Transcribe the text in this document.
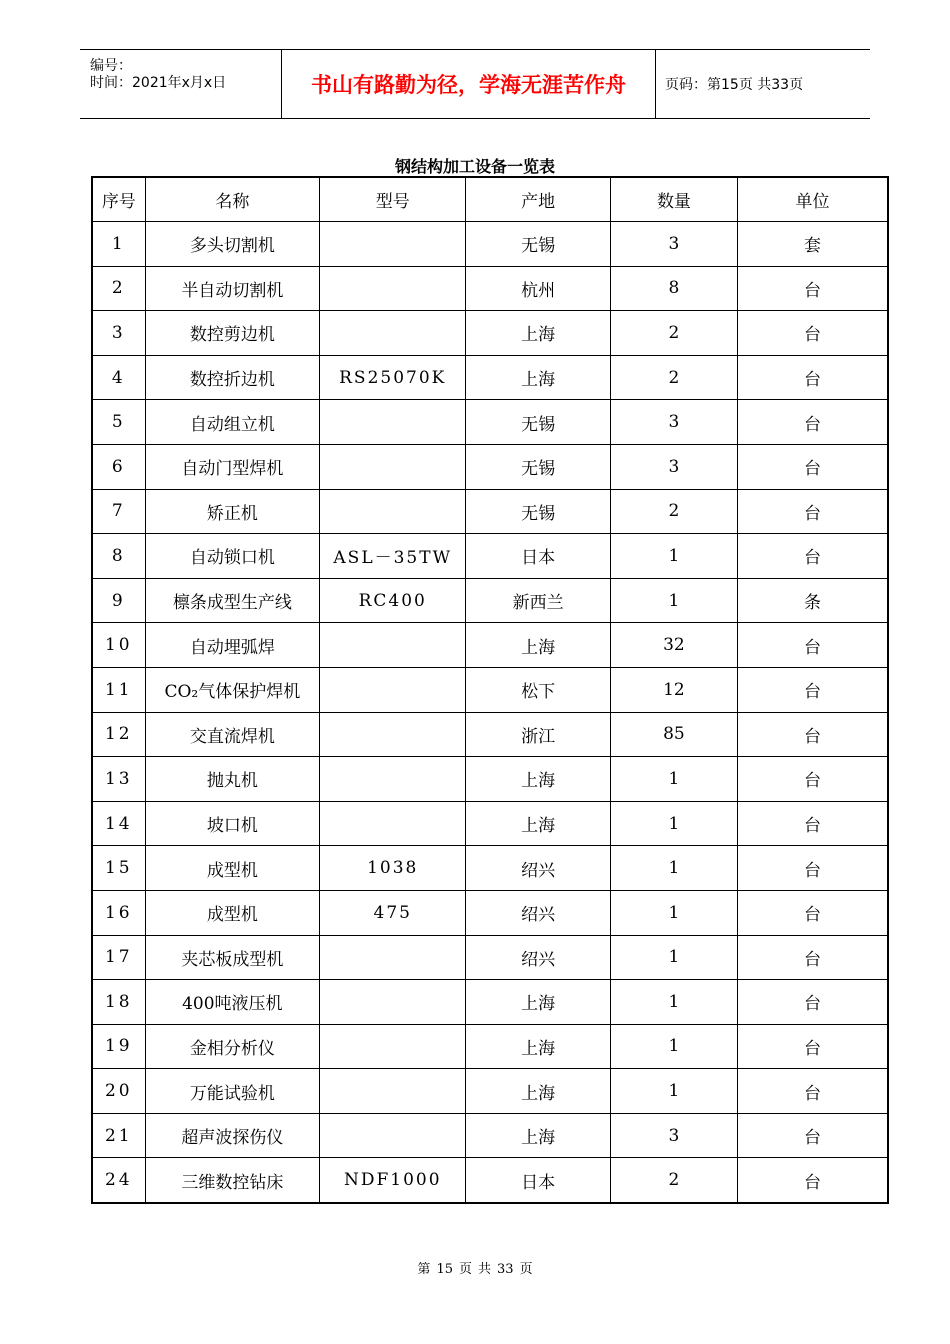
编号：
时间：2021年x月x日	书山有路勤为径，学海无涯苦作舟	页码：第15页 共33页
钢结构加工设备一览表
序号	名称	型号	产地	数量	单位
1	多头切割机		无锡	3	套
2	半自动切割机		杭州	8	台
3	数控剪边机		上海	2	台
4	数控折边机	RS25070K	上海	2	台
5	自动组立机		无锡	3	台
6	自动门型焊机		无锡	3	台
7	矫正机		无锡	2	台
8	自动锁口机	ASL－35TW	日本	1	台
9	檩条成型生产线	RC400	新西兰	1	条
10	自动埋弧焊		上海	32	台
11	CO₂气体保护焊机		松下	12	台
12	交直流焊机		浙江	85	台
13	抛丸机		上海	1	台
14	坡口机		上海	1	台
15	成型机	1038	绍兴	1	台
16	成型机	475	绍兴	1	台
17	夹芯板成型机		绍兴	1	台
18	400吨液压机		上海	1	台
19	金相分析仪		上海	1	台
20	万能试验机		上海	1	台
21	超声波探伤仪		上海	3	台
24	三维数控钻床	NDF1000	日本	2	台
第 15 页 共 33 页
